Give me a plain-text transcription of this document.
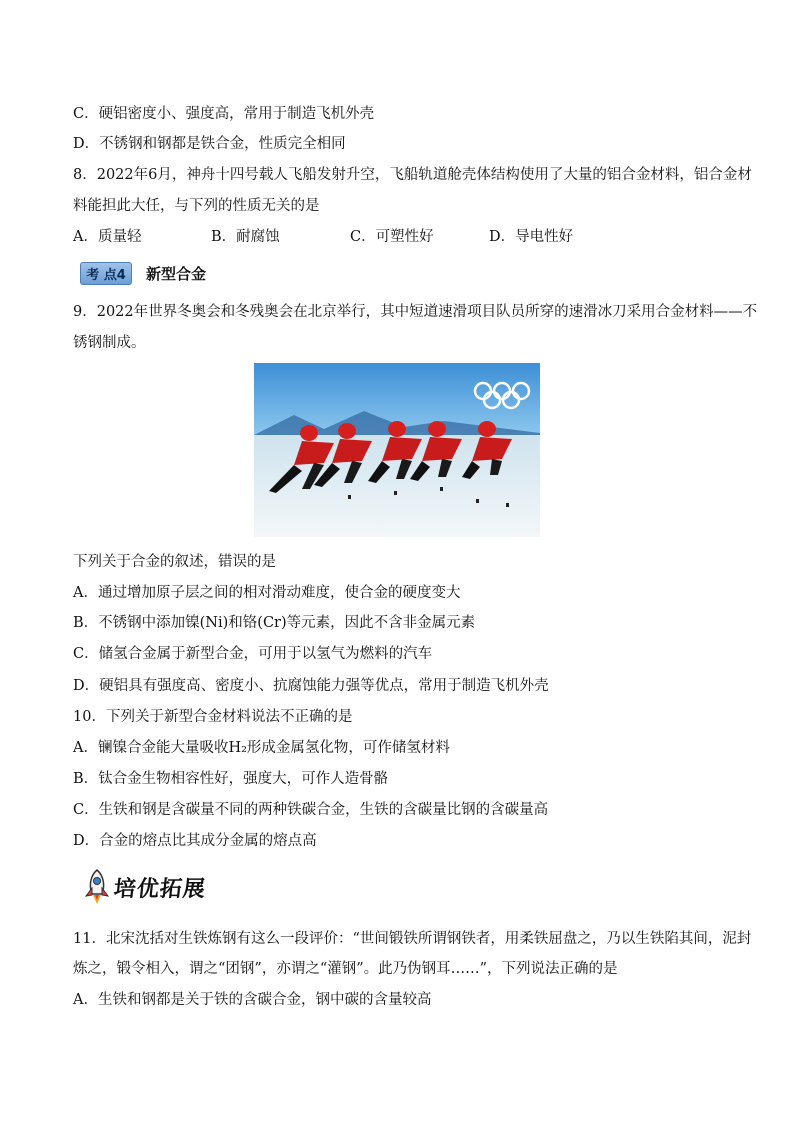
C．硬铝密度小、强度高，常用于制造飞机外壳
D．不锈钢和钢都是铁合金，性质完全相同
8．2022年6月，神舟十四号载人飞船发射升空，飞船轨道舱壳体结构使用了大量的铝合金材料，铝合金材
料能担此大任，与下列的性质无关的是
A．质量轻	B．耐腐蚀	C．可塑性好	D．导电性好
考 点4	新型合金
9．2022年世界冬奥会和冬残奥会在北京举行，其中短道速滑项目队员所穿的速滑冰刀采用合金材料——不
锈钢制成。
下列关于合金的叙述，错误的是
A．通过增加原子层之间的相对滑动难度，使合金的硬度变大
B．不锈钢中添加镍(Ni)和铬(Cr)等元素，因此不含非金属元素
C．储氢合金属于新型合金，可用于以氢气为燃料的汽车
D．硬铝具有强度高、密度小、抗腐蚀能力强等优点，常用于制造飞机外壳
10．下列关于新型合金材料说法不正确的是
A．镧镍合金能大量吸收H₂形成金属氢化物，可作储氢材料
B．钛合金生物相容性好，强度大，可作人造骨骼
C．生铁和钢是含碳量不同的两种铁碳合金，生铁的含碳量比钢的含碳量高
D．合金的熔点比其成分金属的熔点高
培优拓展
11．北宋沈括对生铁炼钢有这么一段评价：“世间锻铁所谓钢铁者，用柔铁屈盘之，乃以生铁陷其间，泥封
炼之，锻令相入，谓之“团钢”，亦谓之“灌钢”。此乃伪钢耳……”，下列说法正确的是
A．生铁和钢都是关于铁的含碳合金，钢中碳的含量较高
